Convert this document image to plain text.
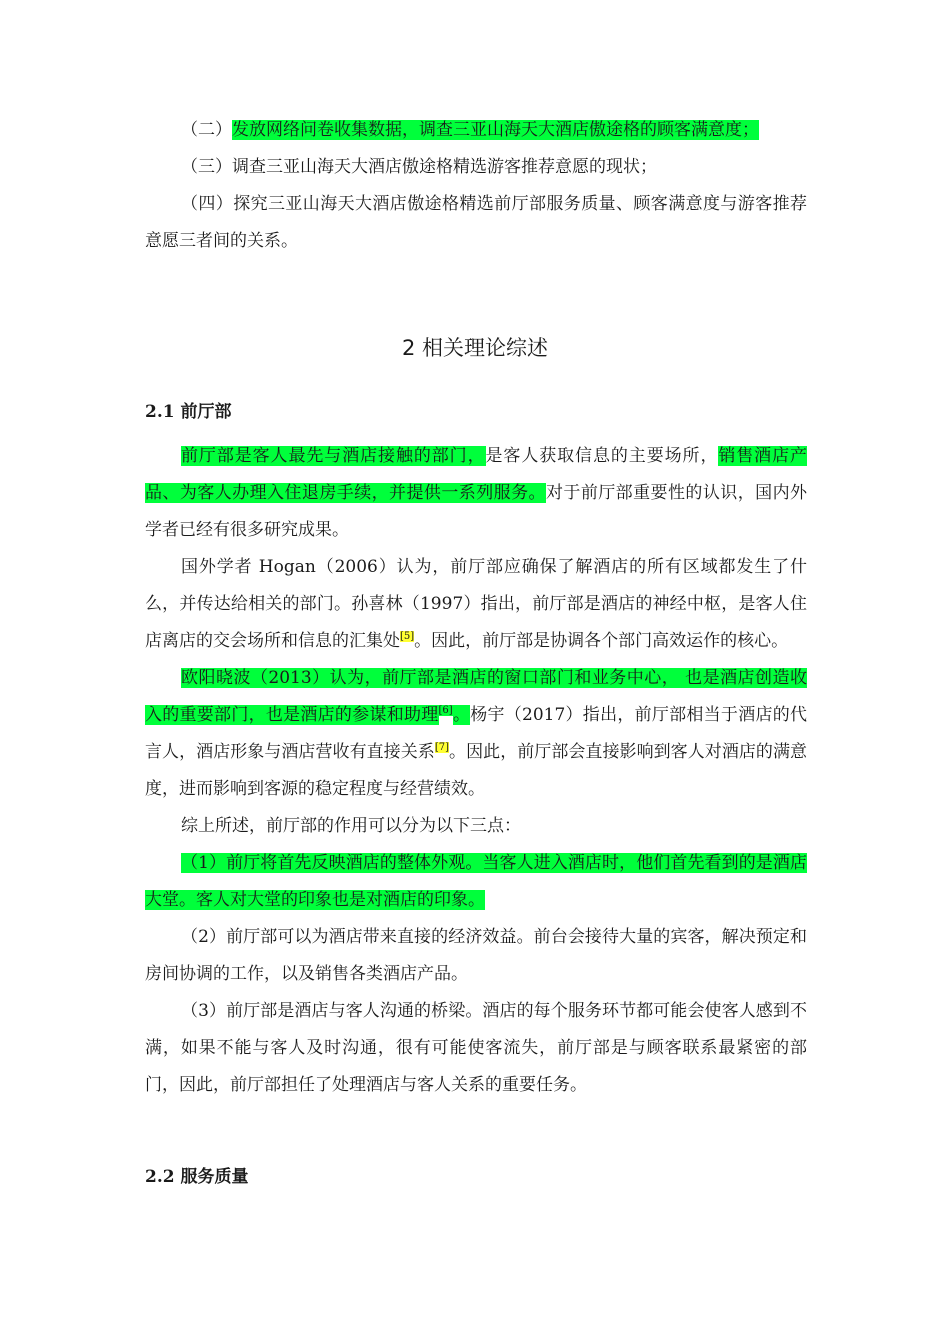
（二）发放网络问卷收集数据，调查三亚山海天大酒店傲途格的顾客满意度；

（三）调查三亚山海天大酒店傲途格精选游客推荐意愿的现状；

（四）探究三亚山海天大酒店傲途格精选前厅部服务质量、顾客满意度与游客推荐意愿三者间的关系。

2 相关理论综述
2.1 前厅部

前厅部是客人最先与酒店接触的部门，是客人获取信息的主要场所，销售酒店产品、为客人办理入住退房手续，并提供一系列服务。对于前厅部重要性的认识，国内外学者已经有很多研究成果。

国外学者 Hogan（2006）认为，前厅部应确保了解酒店的所有区域都发生了什么，并传达给相关的部门。孙喜林（1997）指出，前厅部是酒店的神经中枢，是客人住店离店的交会场所和信息的汇集处[5]。因此，前厅部是协调各个部门高效运作的核心。

欧阳晓波（2013）认为，前厅部是酒店的窗口部门和业务中心， 也是酒店创造收入的重要部门，也是酒店的参谋和助理[6]。杨宇（2017）指出，前厅部相当于酒店的代言人，酒店形象与酒店营收有直接关系[7]。因此，前厅部会直接影响到客人对酒店的满意度，进而影响到客源的稳定程度与经营绩效。

综上所述，前厅部的作用可以分为以下三点：

（1）前厅将首先反映酒店的整体外观。当客人进入酒店时，他们首先看到的是酒店大堂。客人对大堂的印象也是对酒店的印象。

（2）前厅部可以为酒店带来直接的经济效益。前台会接待大量的宾客，解决预定和房间协调的工作，以及销售各类酒店产品。

（3）前厅部是酒店与客人沟通的桥梁。酒店的每个服务环节都可能会使客人感到不满，如果不能与客人及时沟通，很有可能使客流失，前厅部是与顾客联系最紧密的部门，因此，前厅部担任了处理酒店与客人关系的重要任务。

2.2 服务质量
